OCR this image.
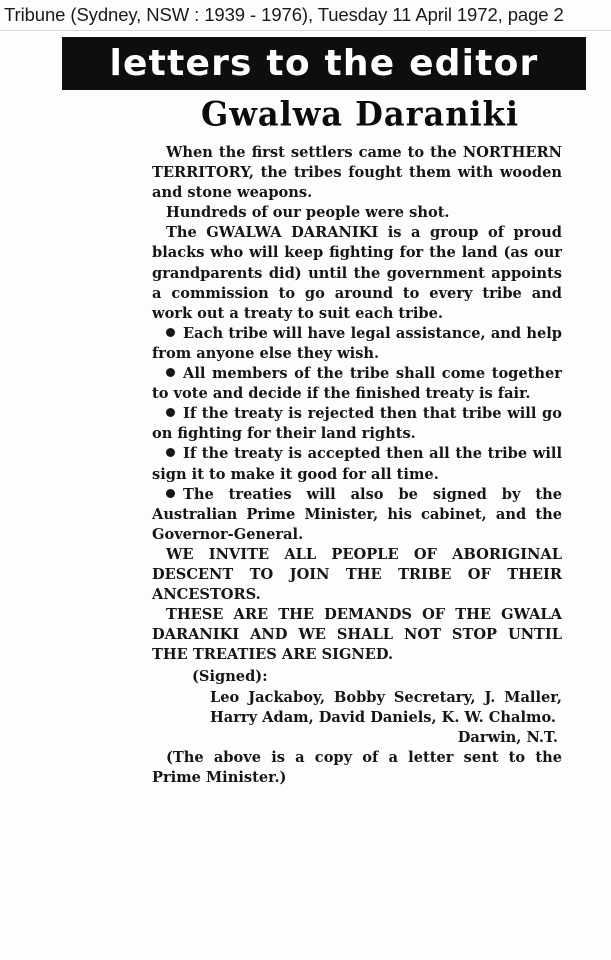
Tribune (Sydney, NSW : 1939 - 1976), Tuesday 11 April 1972, page 2
letters to the editor
Gwalwa Daraniki

When the first settlers came to the NORTHERN TERRITORY, the tribes fought them with wooden and stone weapons.

Hundreds of our people were shot.

The GWALWA DARANIKI is a group of proud blacks who will keep fighting for the land (as our grandparents did) until the government appoints a commission to go around to every tribe and work out a treaty to suit each tribe.

Each tribe will have legal assistance, and help from anyone else they wish.

All members of the tribe shall come together to vote and decide if the finished treaty is fair.

If the treaty is rejected then that tribe will go on fighting for their land rights.

If the treaty is accepted then all the tribe will sign it to make it good for all time.

The treaties will also be signed by the Australian Prime Minister, his cabinet, and the Governor-General.

WE INVITE ALL PEOPLE OF ABORIGINAL DESCENT TO JOIN THE TRIBE OF THEIR ANCESTORS.

THESE ARE THE DEMANDS OF THE GWALA DARANIKI AND WE SHALL NOT STOP UNTIL THE TREATIES ARE SIGNED.

(Signed):

Leo Jackaboy, Bobby Secretary, J. Maller, Harry Adam, David Daniels, K. W. Chalmo.

Darwin, N.T.

(The above is a copy of a letter sent to the Prime Minister.)
